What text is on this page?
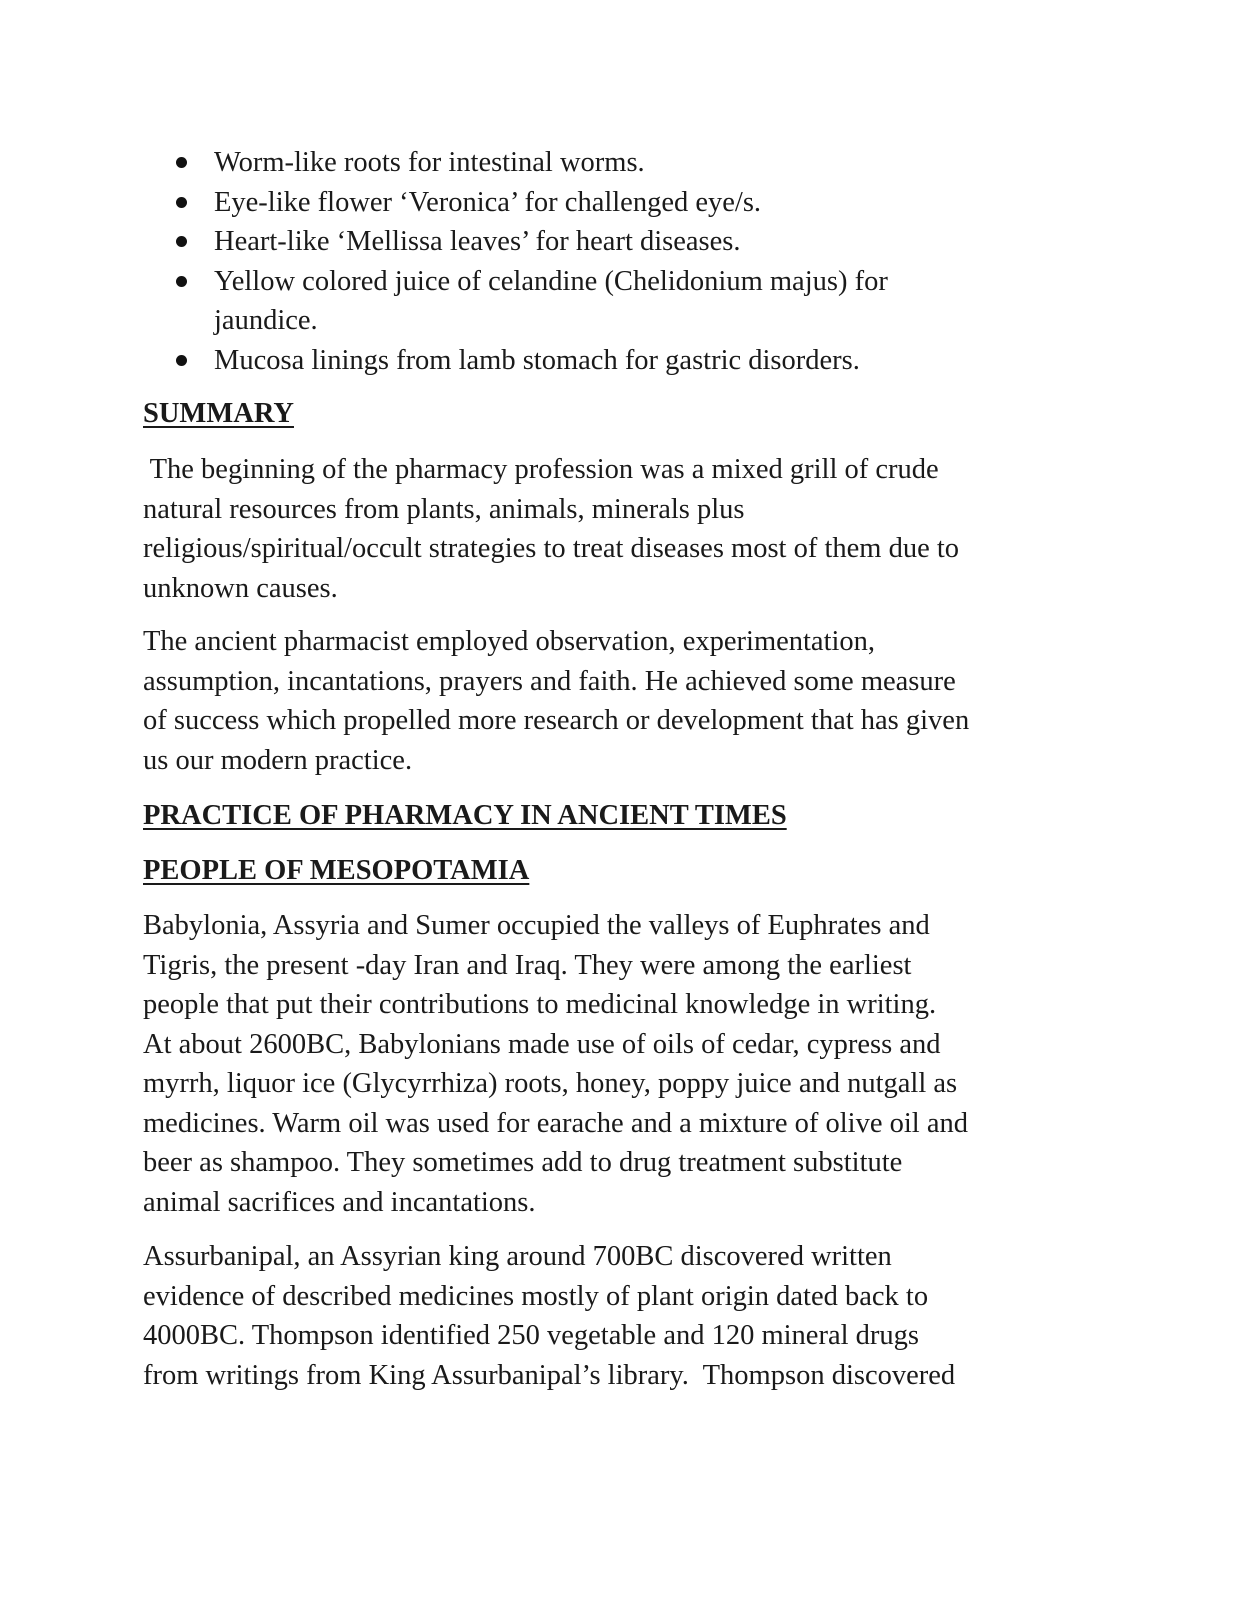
Worm-like roots for intestinal worms.
Eye-like flower ‘Veronica’ for challenged eye/s.
Heart-like ‘Mellissa leaves’ for heart diseases.
Yellow colored juice of celandine (Chelidonium majus) for
jaundice.
Mucosa linings from lamb stomach for gastric disorders.
SUMMARY

The beginning of the pharmacy profession was a mixed grill of crude
natural resources from plants, animals, minerals plus
religious/spiritual/occult strategies to treat diseases most of them due to
unknown causes.

The ancient pharmacist employed observation, experimentation,
assumption, incantations, prayers and faith. He achieved some measure
of success which propelled more research or development that has given
us our modern practice.

PRACTICE OF PHARMACY IN ANCIENT TIMES
PEOPLE OF MESOPOTAMIA

Babylonia, Assyria and Sumer occupied the valleys of Euphrates and
Tigris, the present -day Iran and Iraq. They were among the earliest
people that put their contributions to medicinal knowledge in writing.
At about 2600BC, Babylonians made use of oils of cedar, cypress and
myrrh, liquor ice (Glycyrrhiza) roots, honey, poppy juice and nutgall as
medicines. Warm oil was used for earache and a mixture of olive oil and
beer as shampoo. They sometimes add to drug treatment substitute
animal sacrifices and incantations.

Assurbanipal, an Assyrian king around 700BC discovered written
evidence of described medicines mostly of plant origin dated back to
4000BC. Thompson identified 250 vegetable and 120 mineral drugs
from writings from King Assurbanipal’s library.  Thompson discovered
